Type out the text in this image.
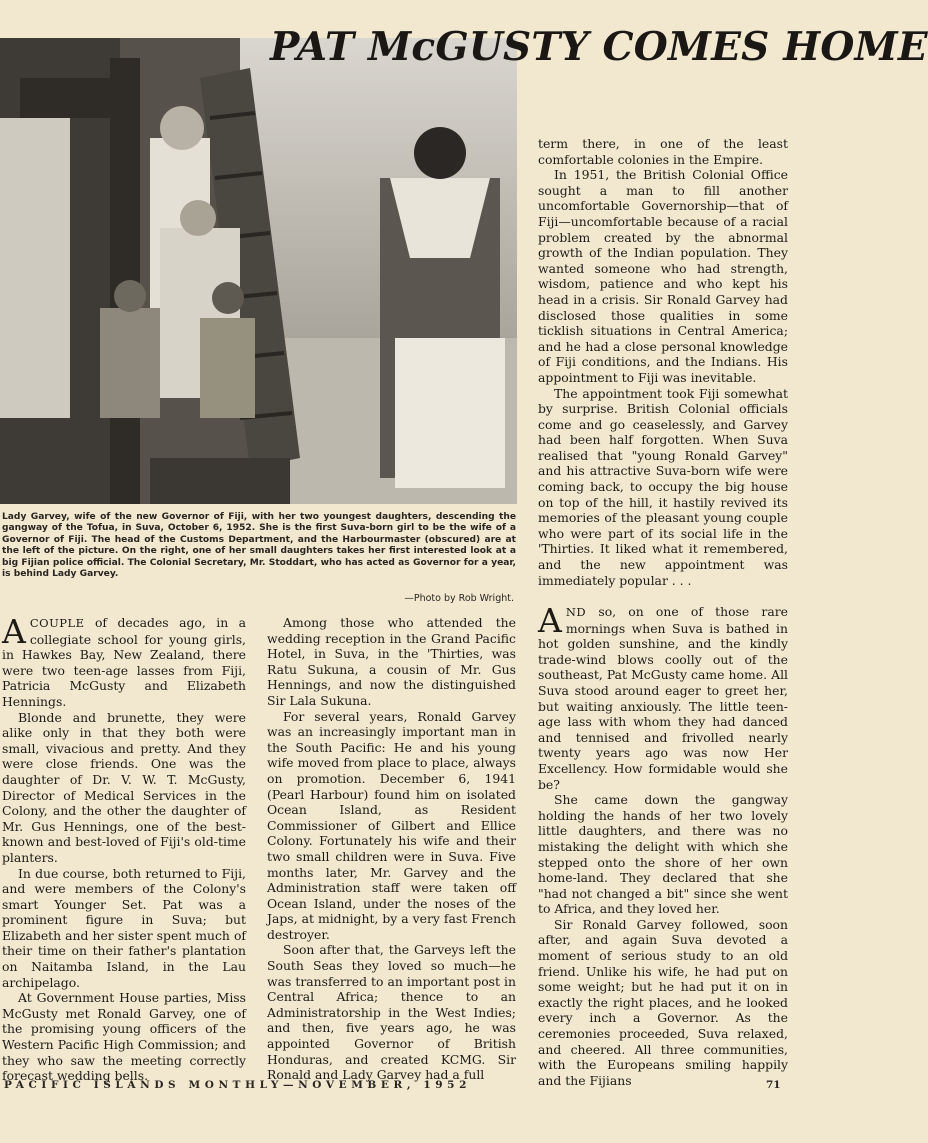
PAT McGUSTY COMES HOME
Lady Garvey, wife of the new Governor of Fiji, with her two youngest daughters, descending the gangway of the Tofua, in Suva, October 6, 1952. She is the first Suva-born girl to be the wife of a Governor of Fiji. The head of the Customs Department, and the Harbourmaster (obscured) are at the left of the picture. On the right, one of her small daughters takes her first interested look at a big Fijian police official. The Colonial Secretary, Mr. Stoddart, who has acted as Governor for a year, is behind Lady Garvey.
—Photo by Rob Wright.

ACOUPLE of decades ago, in a collegiate school for young girls, in Hawkes Bay, New Zealand, there were two teen-age lasses from Fiji, Patricia McGusty and Elizabeth Hennings.

Blonde and brunette, they were alike only in that they both were small, vivacious and pretty. And they were close friends. One was the daughter of Dr. V. W. T. McGusty, Director of Medical Services in the Colony, and the other the daughter of Mr. Gus Hennings, one of the best-known and best-loved of Fiji's old-time planters.

In due course, both returned to Fiji, and were members of the Colony's smart Younger Set. Pat was a prominent figure in Suva; but Elizabeth and her sister spent much of their time on their father's plantation on Naitamba Island, in the Lau archipelago.

At Government House parties, Miss McGusty met Ronald Garvey, one of the promising young officers of the Western Pacific High Commission; and they who saw the meeting correctly forecast wedding bells.

Among those who attended the wedding reception in the Grand Pacific Hotel, in Suva, in the 'Thirties, was Ratu Sukuna, a cousin of Mr. Gus Hennings, and now the distinguished Sir Lala Sukuna.

For several years, Ronald Garvey was an increasingly important man in the South Pacific: He and his young wife moved from place to place, always on promotion. December 6, 1941 (Pearl Harbour) found him on isolated Ocean Island, as Resident Commissioner of Gilbert and Ellice Colony. Fortunately his wife and their two small children were in Suva. Five months later, Mr. Garvey and the Administration staff were taken off Ocean Island, under the noses of the Japs, at midnight, by a very fast French destroyer.

Soon after that, the Garveys left the South Seas they loved so much—he was transferred to an important post in Central Africa; thence to an Administratorship in the West Indies; and then, five years ago, he was appointed Governor of British Honduras, and created KCMG. Sir Ronald and Lady Garvey had a full

term there, in one of the least comfortable colonies in the Empire.

In 1951, the British Colonial Office sought a man to fill another uncomfortable Governorship—that of Fiji—uncomfortable because of a racial problem created by the abnormal growth of the Indian population. They wanted someone who had strength, wisdom, patience and who kept his head in a crisis. Sir Ronald Garvey had disclosed those qualities in some ticklish situations in Central America; and he had a close personal knowledge of Fiji conditions, and the Indians. His appointment to Fiji was inevitable.

The appointment took Fiji somewhat by surprise. British Colonial officials come and go ceaselessly, and Garvey had been half forgotten. When Suva realised that "young Ronald Garvey" and his attractive Suva-born wife were coming back, to occupy the big house on top of the hill, it hastily revived its memories of the pleasant young couple who were part of its social life in the 'Thirties. It liked what it remembered, and the new appointment was immediately popular . . .

AND so, on one of those rare mornings when Suva is bathed in hot golden sunshine, and the kindly trade-wind blows coolly out of the southeast, Pat McGusty came home. All Suva stood around eager to greet her, but waiting anxiously. The little teen-age lass with whom they had danced and tennised and frivolled nearly twenty years ago was now Her Excellency. How formidable would she be?

She came down the gangway holding the hands of her two lovely little daughters, and there was no mistaking the delight with which she stepped onto the shore of her own home-land. They declared that she "had not changed a bit" since she went to Africa, and they loved her.

Sir Ronald Garvey followed, soon after, and again Suva devoted a moment of serious study to an old friend. Unlike his wife, he had put on some weight; but he had put it on in exactly the right places, and he looked every inch a Governor. As the ceremonies proceeded, Suva relaxed, and cheered. All three communities, with the Europeans smiling happily and the Fijians

PACIFIC ISLANDS MONTHLY—NOVEMBER, 1952	71
